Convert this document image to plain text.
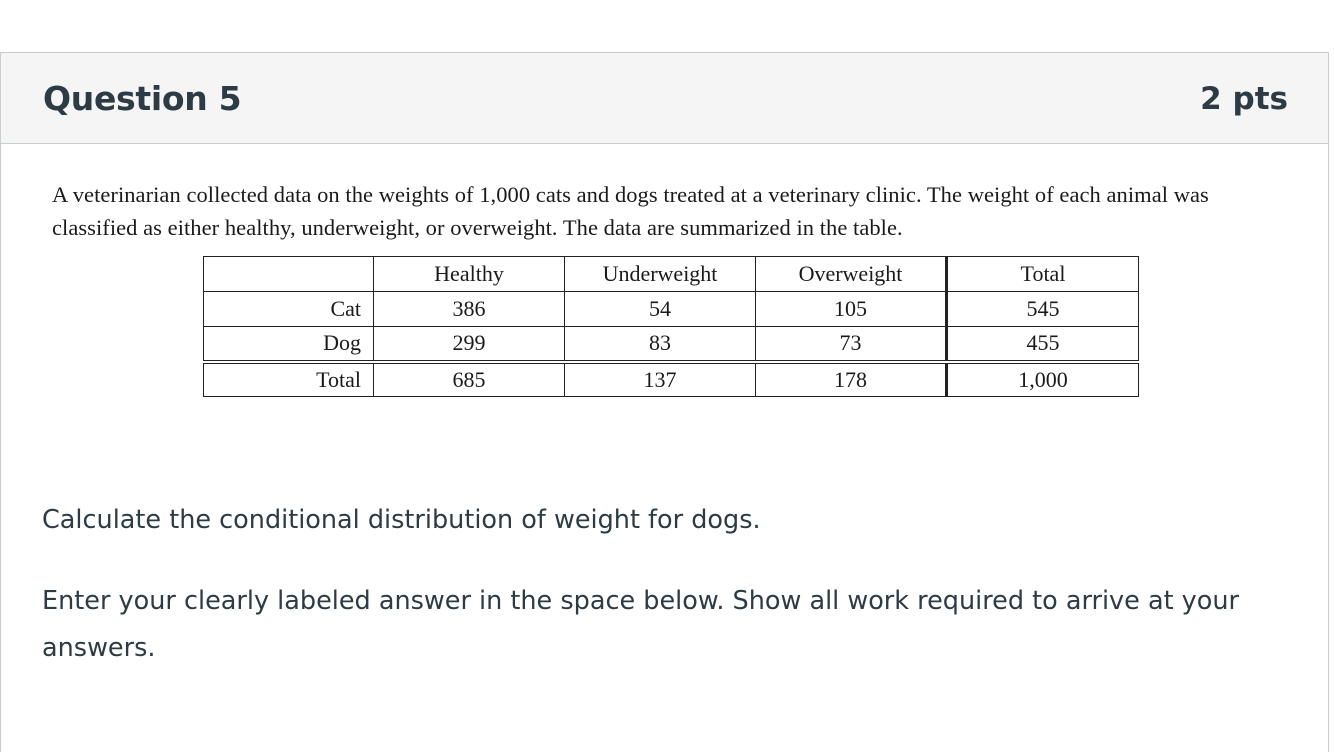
Question 5	2 pts
A veterinarian collected data on the weights of 1,000 cats and dogs treated at a veterinary clinic. The weight of each animal was classified as either healthy, underweight, or overweight. The data are summarized in the table.
	Healthy	Underweight	Overweight	Total
Cat	386	54	105	545
Dog	299	83	73	455
Total	685	137	178	1,000
Calculate the conditional distribution of weight for dogs.
Enter your clearly labeled answer in the space below. Show all work required to arrive at your answers.
